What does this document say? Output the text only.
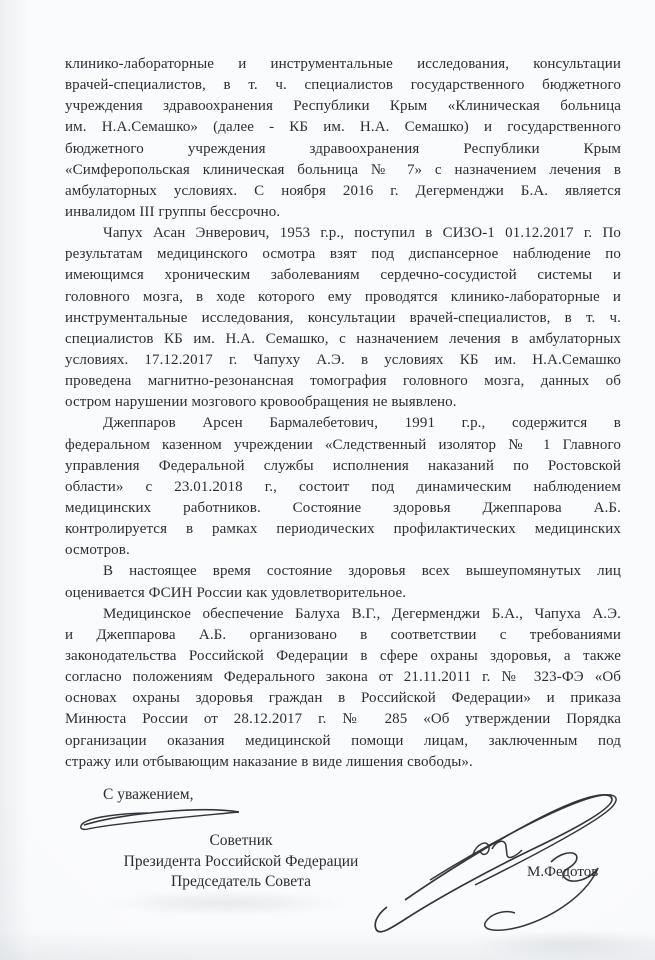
клинико-лабораторные и инструментальные исследования, консультации
врачей-специалистов, в т. ч. специалистов государственного бюджетного
учреждения здравоохранения Республики Крым «Клиническая больница
им. Н.А.Семашко» (далее - КБ им. Н.А. Семашко) и государственного
бюджетного учреждения здравоохранения Республики Крым
«Симферопольская клиническая больница № 7» с назначением лечения в
амбулаторных условиях. С ноября 2016 г. Дегерменджи Б.А. является
инвалидом III группы бессрочно.
Чапух Асан Энверович, 1953 г.р., поступил в СИЗО-1 01.12.2017 г. По
результатам медицинского осмотра взят под диспансерное наблюдение по
имеющимся хроническим заболеваниям сердечно-сосудистой системы и
головного мозга, в ходе которого ему проводятся клинико-лабораторные и
инструментальные исследования, консультации врачей-специалистов, в т. ч.
специалистов КБ им. Н.А. Семашко, с назначением лечения в амбулаторных
условиях. 17.12.2017 г. Чапуху А.Э. в условиях КБ им. Н.А.Семашко
проведена магнитно-резонансная томография головного мозга, данных об
остром нарушении мозгового кровообращения не выявлено.
Джеппаров Арсен Бармалебетович, 1991 г.р., содержится в
федеральном казенном учреждении «Следственный изолятор № 1 Главного
управления Федеральной службы исполнения наказаний по Ростовской
области» с 23.01.2018 г., состоит под динамическим наблюдением
медицинских работников. Состояние здоровья Джеппарова А.Б.
контролируется в рамках периодических профилактических медицинских
осмотров.
В настоящее время состояние здоровья всех вышеупомянутых лиц
оценивается ФСИН России как удовлетворительное.
Медицинское обеспечение Балуха В.Г., Дегерменджи Б.А., Чапуха А.Э.
и Джеппарова А.Б. организовано в соответствии с требованиями
законодательства Российской Федерации в сфере охраны здоровья, а также
согласно положениям Федерального закона от 21.11.2011 г. № 323-ФЭ «Об
основах охраны здоровья граждан в Российской Федерации» и приказа
Минюста России от 28.12.2017 г. № 285 «Об утверждении Порядка
организации оказания медицинской помощи лицам, заключенным под
стражу или отбывающим наказание в виде лишения свободы».
С уважением,
Советник
Президента Российской Федерации
Председатель Совета
М.Федотов
